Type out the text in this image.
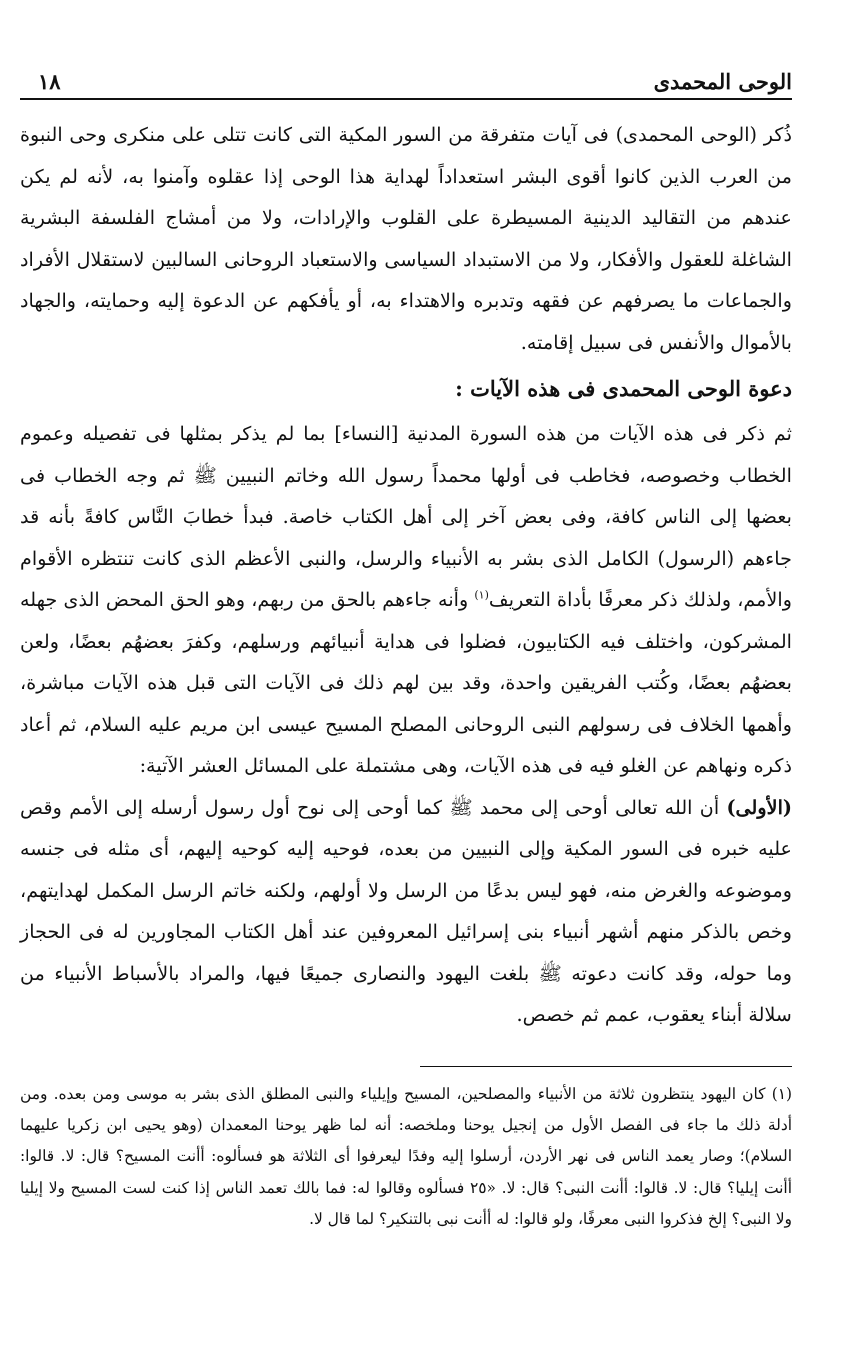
الوحى المحمدى
١٨

ذُكر (الوحى المحمدى) فى آيات متفرقة من السور المكية التى كانت تتلى على منكرى وحى النبوة من العرب الذين كانوا أقوى البشر استعداداً لهداية هذا الوحى إذا عقلوه وآمنوا به، لأنه لم يكن عندهم من التقاليد الدينية المسيطرة على القلوب والإرادات، ولا من أمشاج الفلسفة البشرية الشاغلة للعقول والأفكار، ولا من الاستبداد السياسى والاستعباد الروحانى السالبين لاستقلال الأفراد والجماعات ما يصرفهم عن فقهه وتدبره والاهتداء به، أو يأفكهم عن الدعوة إليه وحمايته، والجهاد بالأموال والأنفس فى سبيل إقامته.

دعوة الوحى المحمدى فى هذه الآيات :

ثم ذكر فى هذه الآيات من هذه السورة المدنية [النساء] بما لم يذكر بمثلها فى تفصيله وعموم الخطاب وخصوصه، فخاطب فى أولها محمداً رسول الله وخاتم النبيين ﷺ ثم وجه الخطاب فى بعضها إلى الناس كافة، وفى بعض آخر إلى أهل الكتاب خاصة. فبدأ خطابَ النَّاس كافةً بأنه قد جاءهم (الرسول) الكامل الذى بشر به الأنبياء والرسل، والنبى الأعظم الذى كانت تنتظره الأقوام والأمم، ولذلك ذكر معرفًا بأداة التعريف$^{(١)}$ وأنه جاءهم بالحق من ربهم، وهو الحق المحض الذى جهله المشركون، واختلف فيه الكتابيون، فضلوا فى هداية أنبيائهم ورسلهم، وكفرَ بعضهُم بعضًا، ولعن بعضهُم بعضًا، وكُتب الفريقين واحدة، وقد بين لهم ذلك فى الآيات التى قبل هذه الآيات مباشرة، وأهمها الخلاف فى رسولهم النبى الروحانى المصلح المسيح عيسى ابن مريم عليه السلام، ثم أعاد ذكره ونهاهم عن الغلو فيه فى هذه الآيات، وهى مشتملة على المسائل العشر الآتية:

(الأولى) أن الله تعالى أوحى إلى محمد ﷺ كما أوحى إلى نوح أول رسول أرسله إلى الأمم وقص عليه خبره فى السور المكية وإلى النبيين من بعده، فوحيه إليه كوحيه إليهم، أى مثله فى جنسه وموضوعه والغرض منه، فهو ليس بدعًا من الرسل ولا أولهم، ولكنه خاتم الرسل المكمل لهدايتهم، وخص بالذكر منهم أشهر أنبياء بنى إسرائيل المعروفين عند أهل الكتاب المجاورين له فى الحجاز وما حوله، وقد كانت دعوته ﷺ بلغت اليهود والنصارى جميعًا فيها، والمراد بالأسباط الأنبياء من سلالة أبناء يعقوب، عمم ثم خصص.

(١) كان اليهود ينتظرون ثلاثة من الأنبياء والمصلحين، المسيح وإيلياء والنبى المطلق الذى بشر به موسى ومن بعده. ومن أدلة ذلك ما جاء فى الفصل الأول من إنجيل يوحنا وملخصه: أنه لما ظهر يوحنا المعمدان (وهو يحيى ابن زكريا عليهما السلام)؛ وصار يعمد الناس فى نهر الأردن، أرسلوا إليه وفدًا ليعرفوا أى الثلاثة هو فسألوه: أأنت المسيح؟ قال: لا. قالوا: أأنت إيليا؟ قال: لا. قالوا: أأنت النبى؟ قال: لا. «٢٥ فسألوه وقالوا له: فما بالك تعمد الناس إذا كنت لست المسيح ولا إيليا ولا النبى؟ إلخ فذكروا النبى معرفًا، ولو قالوا: له أأنت نبى بالتنكير؟ لما قال لا.
